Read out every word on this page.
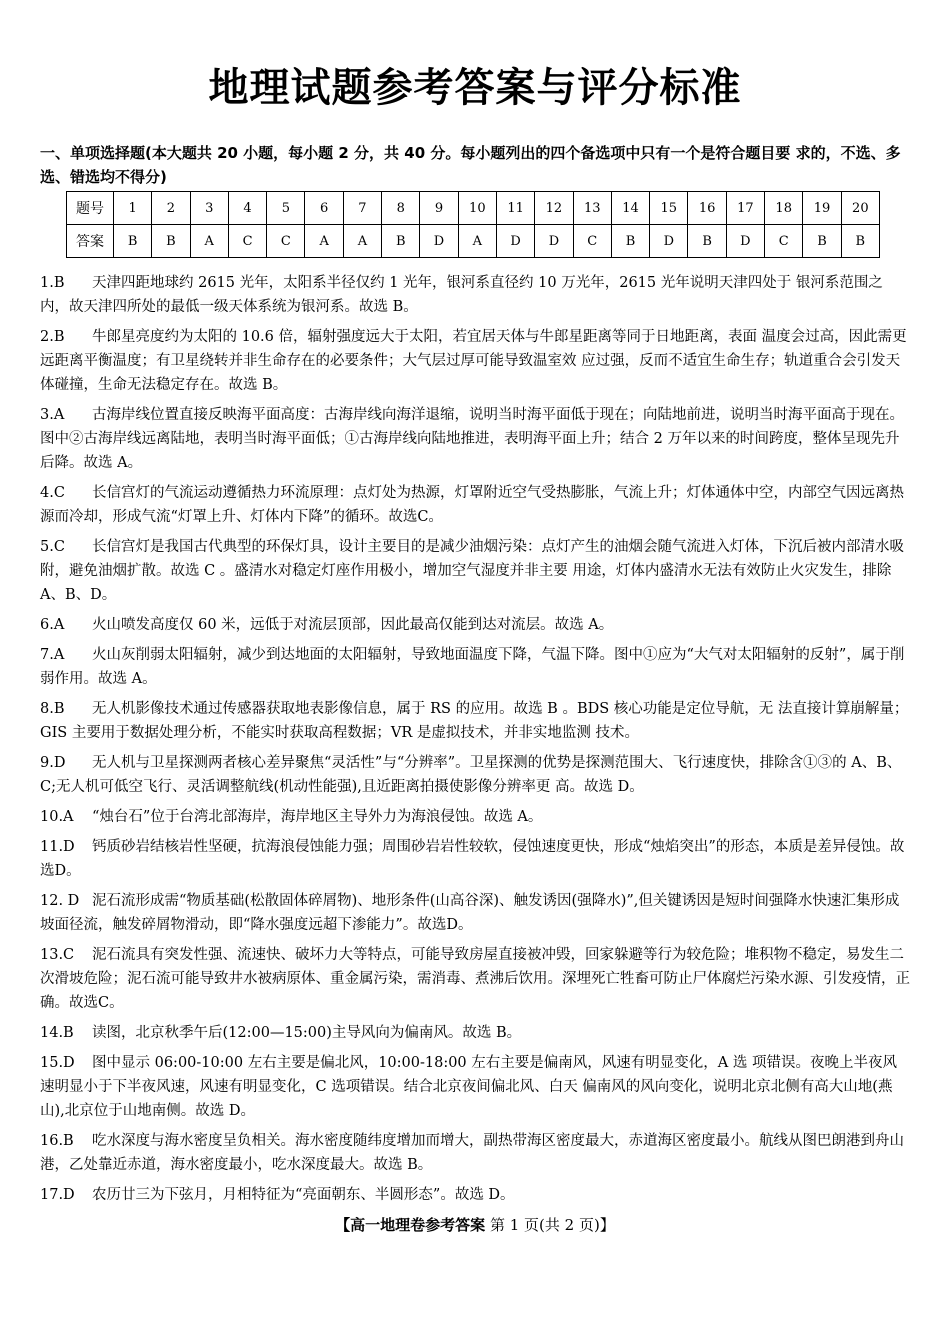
地理试题参考答案与评分标准
一、单项选择题(本大题共 20 小题，每小题 2 分，共 40 分。每小题列出的四个备选项中只有一个是符合题目要 求的，不选、多选、错选均不得分)
题号	1	2	3	4	5	6	7	8	9	10	11	12	13	14	15	16	17	18	19	20
答案	B	B	A	C	C	A	A	B	D	A	D	D	C	B	D	B	D	C	B	B
1.B 天津四距地球约 2615 光年，太阳系半径仅约 1 光年，银河系直径约 10 万光年，2615 光年说明天津四处于 银河系范围之内，故天津四所处的最低一级天体系统为银河系。故选 B。
2.B 牛郎星亮度约为太阳的 10.6 倍，辐射强度远大于太阳，若宜居天体与牛郎星距离等同于日地距离，表面 温度会过高，因此需更远距离平衡温度；有卫星绕转并非生命存在的必要条件；大气层过厚可能导致温室效 应过强，反而不适宜生命生存；轨道重合会引发天体碰撞，生命无法稳定存在。故选 B。
3.A 古海岸线位置直接反映海平面高度：古海岸线向海洋退缩，说明当时海平面低于现在；向陆地前进，说明当时海平面高于现在。图中②古海岸线远离陆地，表明当时海平面低；①古海岸线向陆地推进，表明海平面上升；结合 2 万年以来的时间跨度，整体呈现先升后降。故选 A。
4.C 长信宫灯的气流运动遵循热力环流原理：点灯处为热源，灯罩附近空气受热膨胀，气流上升；灯体通体中空，内部空气因远离热源而冷却，形成气流“灯罩上升、灯体内下降”的循环。故选C。
5.C 长信宫灯是我国古代典型的环保灯具，设计主要目的是减少油烟污染：点灯产生的油烟会随气流进入灯体，下沉后被内部清水吸附，避免油烟扩散。故选 C 。盛清水对稳定灯座作用极小，增加空气湿度并非主要 用途，灯体内盛清水无法有效防止火灾发生，排除 A、B、D。
6.A 火山喷发高度仅 60 米，远低于对流层顶部，因此最高仅能到达对流层。故选 A。
7.A 火山灰削弱太阳辐射，减少到达地面的太阳辐射，导致地面温度下降，气温下降。图中①应为“大气对太阳辐射的反射”，属于削弱作用。故选 A。
8.B 无人机影像技术通过传感器获取地表影像信息，属于 RS 的应用。故选 B 。BDS 核心功能是定位导航，无 法直接计算崩解量；GIS 主要用于数据处理分析，不能实时获取高程数据；VR 是虚拟技术，并非实地监测 技术。
9.D 无人机与卫星探测两者核心差异聚焦“灵活性”与“分辨率”。卫星探测的优势是探测范围大、飞行速度快，排除含①③的 A、B、C;无人机可低空飞行、灵活调整航线(机动性能强),且近距离拍摄使影像分辨率更 高。故选 D。
10.A “烛台石”位于台湾北部海岸，海岸地区主导外力为海浪侵蚀。故选 A。
11.D 钙质砂岩结核岩性坚硬，抗海浪侵蚀能力强；周围砂岩岩性较软，侵蚀速度更快，形成“烛焰突出”的形态，本质是差异侵蚀。故选D。
12. D 泥石流形成需“物质基础(松散固体碎屑物)、地形条件(山高谷深)、触发诱因(强降水)”,但关键诱因是短时间强降水快速汇集形成坡面径流，触发碎屑物滑动，即“降水强度远超下渗能力”。故选D。
13.C 泥石流具有突发性强、流速快、破坏力大等特点，可能导致房屋直接被冲毁，回家躲避等行为较危险；堆积物不稳定，易发生二次滑坡危险；泥石流可能导致井水被病原体、重金属污染，需消毒、煮沸后饮用。深埋死亡牲畜可防止尸体腐烂污染水源、引发疫情，正确。故选C。
14.B 读图，北京秋季午后(12:00—15:00)主导风向为偏南风。故选 B。
15.D 图中显示 06:00-10:00 左右主要是偏北风，10:00-18:00 左右主要是偏南风，风速有明显变化，A 选 项错误。夜晚上半夜风速明显小于下半夜风速，风速有明显变化，C 选项错误。结合北京夜间偏北风、白天 偏南风的风向变化，说明北京北侧有高大山地(燕山),北京位于山地南侧。故选 D。
16.B 吃水深度与海水密度呈负相关。海水密度随纬度增加而增大，副热带海区密度最大，赤道海区密度最小。航线从图巴朗港到舟山港，乙处靠近赤道，海水密度最小，吃水深度最大。故选 B。
17.D 农历廿三为下弦月，月相特征为“亮面朝东、半圆形态”。故选 D。
【高一地理卷参考答案 第 1 页(共 2 页)】
